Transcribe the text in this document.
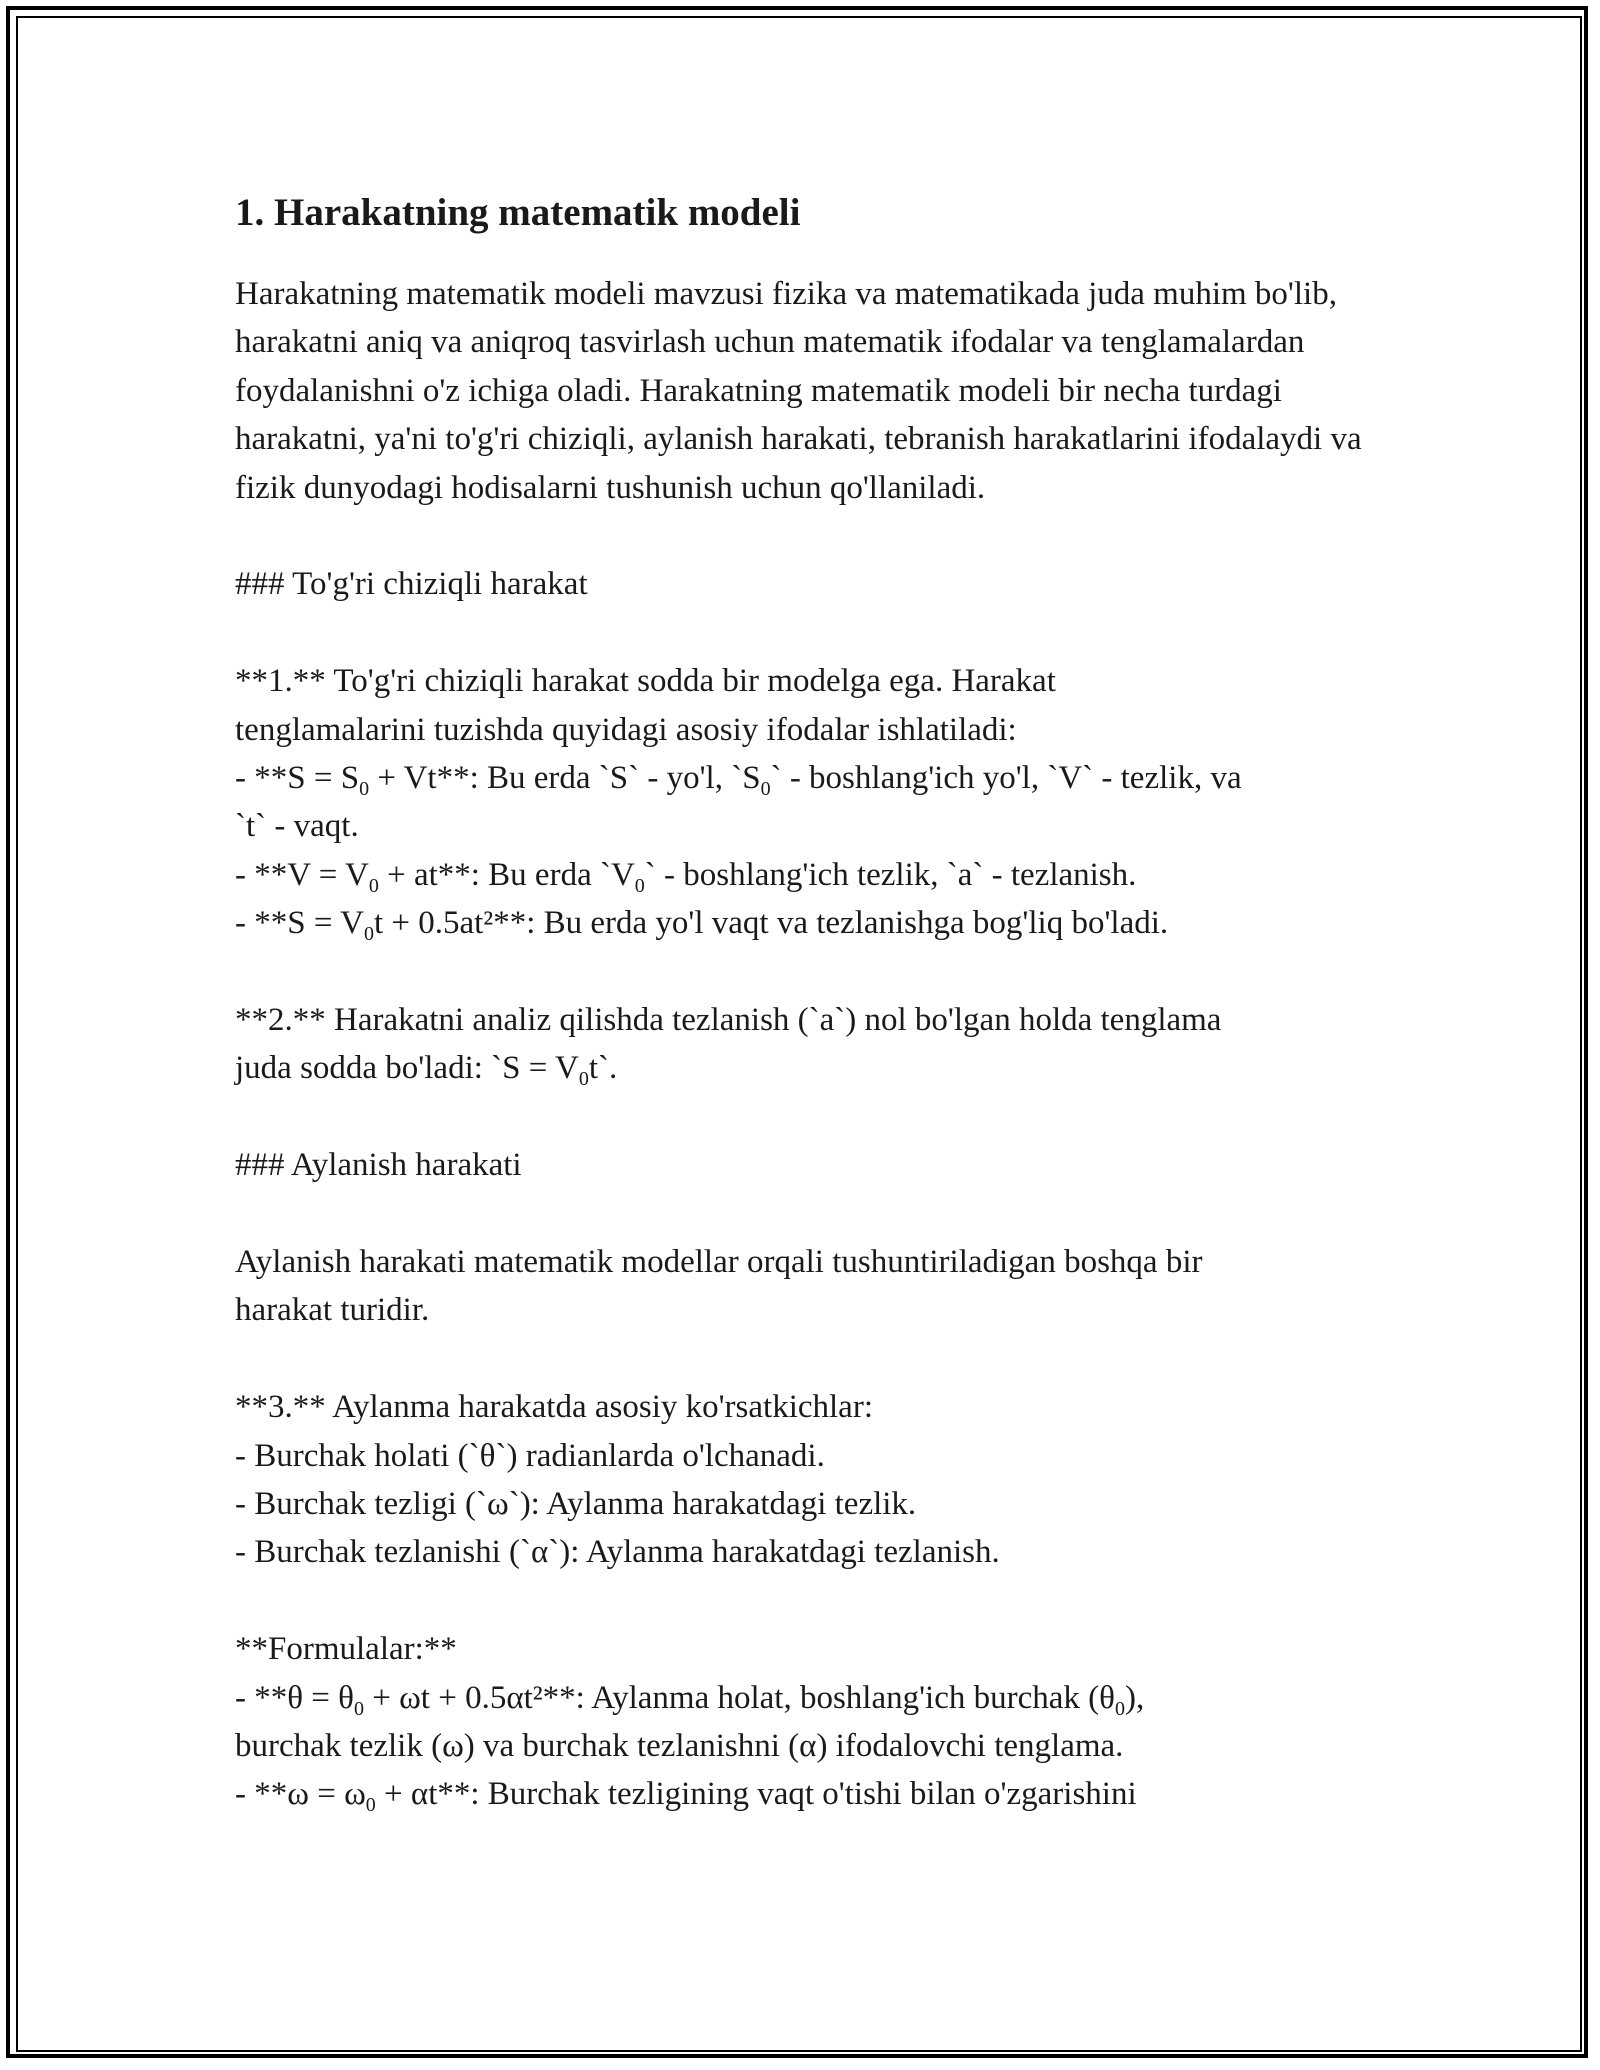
1. Harakatning matematik modeli

Harakatning matematik modeli mavzusi fizika va matematikada juda muhim bo'lib, harakatni aniq va aniqroq tasvirlash uchun matematik ifodalar va tenglamalardan foydalanishni o'z ichiga oladi. Harakatning matematik modeli bir necha turdagi harakatni, ya'ni to'g'ri chiziqli, aylanish harakati, tebranish harakatlarini ifodalaydi va fizik dunyodagi hodisalarni tushunish uchun qo'llaniladi.

### To'g'ri chiziqli harakat
**1.** To'g'ri chiziqli harakat sodda bir modelga ega. Harakat
tenglamalarini tuzishda quyidagi asosiy ifodalar ishlatiladi:
- $**S = S_0 + Vt**$: Bu erda `S` - yo'l, $`S_0`$ - boshlang'ich yo'l, `V` - tezlik, va
`t` - vaqt.
- $**V = V_0 + at**$: Bu erda $`V_0`$ - boshlang'ich tezlik, `a` - tezlanish.
- $**S = V_0t + 0.5at^2**$: Bu erda yo'l vaqt va tezlanishga bog'liq bo'ladi.
**2.** Harakatni analiz qilishda tezlanish (`a`) nol bo'lgan holda tenglama
juda sodda bo'ladi: `S = $V_0t`$.
### Aylanish harakati
Aylanish harakati matematik modellar orqali tushuntiriladigan boshqa bir
harakat turidir.
**3.** Aylanma harakatda asosiy ko'rsatkichlar:
- Burchak holati (`θ`) radianlarda o'lchanadi.
- Burchak tezligi (`ω`): Aylanma harakatdagi tezlik.
- Burchak tezlanishi (`α`): Aylanma harakatdagi tezlanish.
**Formulalar:**
- $**\theta = \theta_0 + \omega t + 0.5\alpha t^2**$: Aylanma holat, boshlang'ich burchak $(\theta_0)$,
burchak tezlik (ω) va burchak tezlanishni (α) ifodalovchi tenglama.
- $**\omega = \omega_0 + \alpha t**$: Burchak tezligining vaqt o'tishi bilan o'zgarishini
